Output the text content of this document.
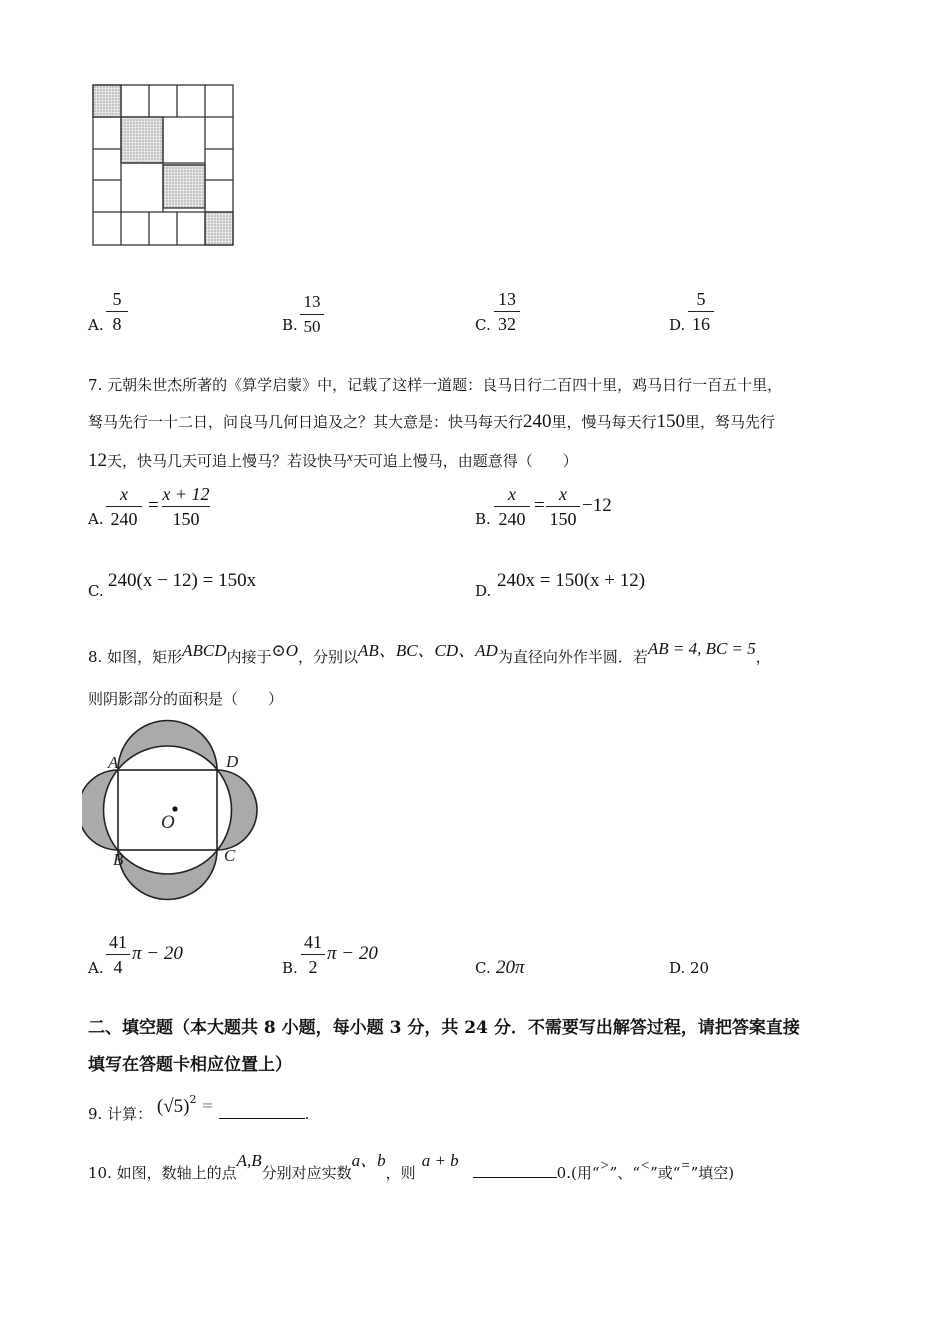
A.
5
8	B.
13
50	C.
13
32	D.
5
16
7. 元朝朱世杰所著的《算学启蒙》中，记载了这样一道题：良马日行二百四十里，鸡马日行一百五十里，
驽马先行一十二日，问良马几何日追及之？其大意是：快马每天行240里，慢马每天行150里，驽马先行
12天，快马几天可追上慢马？若设快马x天可追上慢马，由题意得（　　）
A.
x
240
=
x + 12
150	B.
x
240
=
x
150
−12
C. 240(x − 12) = 150x	D. 240x = 150(x + 12)
8. 如图，矩形ABCD内接于⊙O，分别以AB、BC、CD、AD为直径向外作半圆．若AB = 4, BC = 5，
则阴影部分的面积是（　　）
A	D
B	C
O
A.
41
4
π − 20
B.
41
2
π − 20
C. 20π	D. 20
二、填空题（本大题共 8 小题，每小题 3 分，共 24 分．不需要写出解答过程，请把答案直接
填写在答题卡相应位置上）
9. 计算： $(√5)^2$ =	.
10. 如图，数轴上的点A,B分别对应实数a、b，则a + b0.(用“>”、“<”或“=”填空)
